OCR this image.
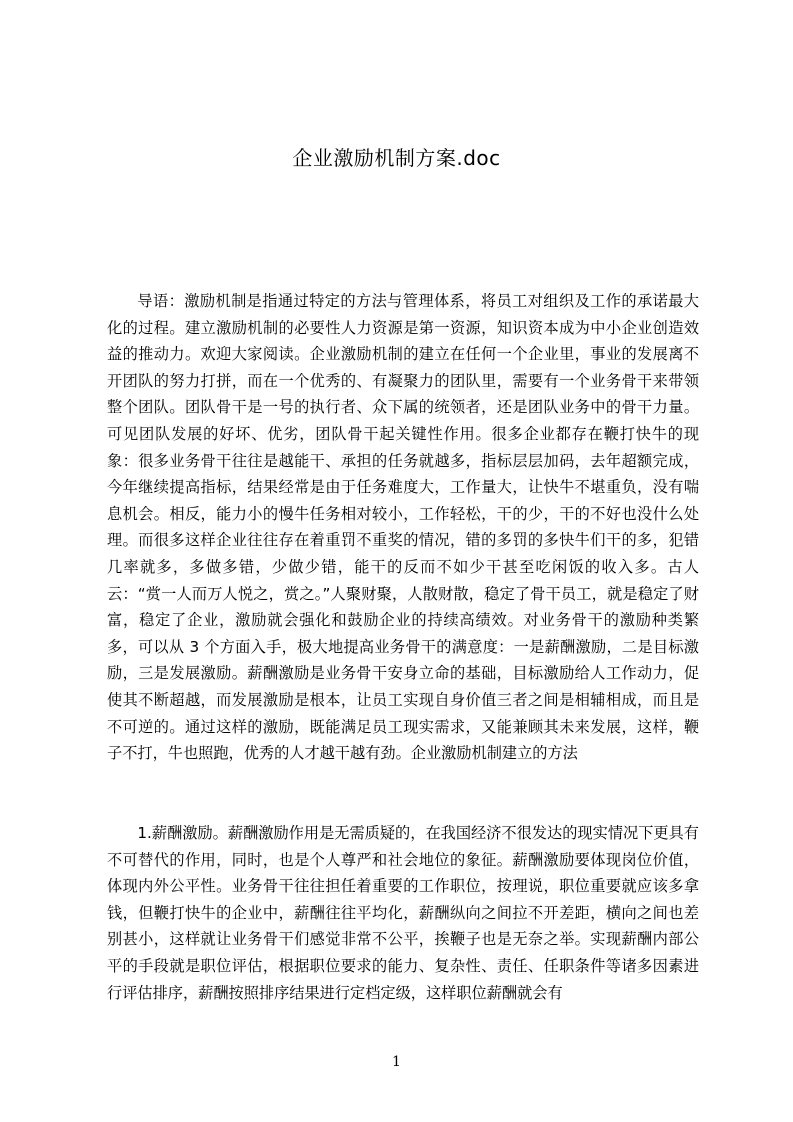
企业激励机制方案.doc

导语：激励机制是指通过特定的方法与管理体系，将员工对组织及工作的承诺最大化的过程。建立激励机制的必要性人力资源是第一资源，知识资本成为中小企业创造效益的推动力。欢迎大家阅读。企业激励机制的建立在任何一个企业里，事业的发展离不开团队的努力打拼，而在一个优秀的、有凝聚力的团队里，需要有一个业务骨干来带领整个团队。团队骨干是一号的执行者、众下属的统领者，还是团队业务中的骨干力量。可见团队发展的好坏、优劣，团队骨干起关键性作用。很多企业都存在鞭打快牛的现象：很多业务骨干往往是越能干、承担的任务就越多，指标层层加码，去年超额完成，今年继续提高指标，结果经常是由于任务难度大，工作量大，让快牛不堪重负，没有喘息机会。相反，能力小的慢牛任务相对较小，工作轻松，干的少，干的不好也没什么处理。而很多这样企业往往存在着重罚不重奖的情况，错的多罚的多快牛们干的多，犯错几率就多，多做多错，少做少错，能干的反而不如少干甚至吃闲饭的收入多。古人云：“赏一人而万人悦之，赏之。”人聚财聚，人散财散，稳定了骨干员工，就是稳定了财富，稳定了企业，激励就会强化和鼓励企业的持续高绩效。对业务骨干的激励种类繁多，可以从 3 个方面入手，极大地提高业务骨干的满意度：一是薪酬激励，二是目标激励，三是发展激励。薪酬激励是业务骨干安身立命的基础，目标激励给人工作动力，促使其不断超越，而发展激励是根本，让员工实现自身价值三者之间是相辅相成，而且是不可逆的。通过这样的激励，既能满足员工现实需求，又能兼顾其未来发展，这样，鞭子不打，牛也照跑，优秀的人才越干越有劲。企业激励机制建立的方法

1.薪酬激励。薪酬激励作用是无需质疑的，在我国经济不很发达的现实情况下更具有不可替代的作用，同时，也是个人尊严和社会地位的象征。薪酬激励要体现岗位价值，体现内外公平性。业务骨干往往担任着重要的工作职位，按理说，职位重要就应该多拿钱，但鞭打快牛的企业中，薪酬往往平均化，薪酬纵向之间拉不开差距，横向之间也差别甚小，这样就让业务骨干们感觉非常不公平，挨鞭子也是无奈之举。实现薪酬内部公平的手段就是职位评估，根据职位要求的能力、复杂性、责任、任职条件等诸多因素进行评估排序，薪酬按照排序结果进行定档定级，这样职位薪酬就会有

1
